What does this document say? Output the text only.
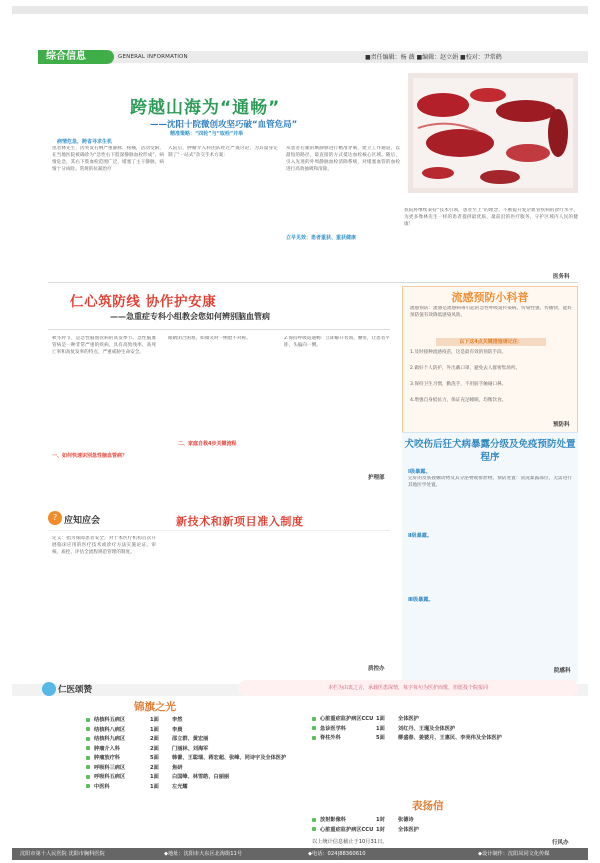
综合信息	GENERAL INFORMATION	■责任编辑：杨 薇 ■编辑：赵立娟 ■校对：尹常鹤
跨越山海为“通畅”
——沈阳十院微创攻坚巧破“血管危局”
病情危急，跨省寻求生机
患者林先生，因突发右侧严重静脉、疼痛，活动受限，在当地医院被确诊为“急性右下肢深静脉血栓形成”，病情危急，其右下肢血栓范围广泛，堵塞了主干静脉，病情十分凶险。常规的抗凝治疗
精准策略：“四轮”与“取栓”并举
入院后，肿瘤介入科团队经过严谨讨论，为其量身定制了“一站式”杂交手术方案：
从患者右腿的顺静脉进行精准穿刺，建立工作通道，以最短的路径，最直接的方式抵达血栓核心区域。随后，引入先进的外周静脉血栓清除系统，对堵塞血管的血栓进行高效抽吸和清除。
立早见效：患者重获、重获健康
我院将继续秉持“技术引领，患者至上”的理念，不断提升复杂血管疾病的诊疗水平，为更多像林先生一样的患者提供最优质、最前沿的医疗服务，守护区域内人民的健康！
医务科
仁心筑防线 协作护安康
——急重症专科小组教会您如何辨别脑血管病
秋冬时节，是急性脑血管病的高发季节。急性脑血管病是一种非常严重的疾病，具有高致残率、高死亡率和高复发率的特点，严重威胁生命安全。
一、如何快速识别急性脑血管病？
眼睛闭合困难、如微笑时一侧脸不对称。
二、家庭自救4步关键流程
2.保持呼吸道通畅：立即解开衣领、腰带，让患者平卧，头偏向一侧。
护理部
流感预防小科普
流感预防：流感是流感病毒引起的急性呼吸道传染病。传染性强，传播快，能好预防值有效降低感染风险。
以下这4点关键措施请记住：
1.及时接种流感疫苗，这是最有效的预防手段。
2.做好个人防护，外出戴口罩，避免去人群密集场所。
3.保持卫生习惯，勤洗手，不用脏手触碰口鼻。
4.增强自身抵抗力，保证充足睡眠，均衡饮食。
预防科
犬咬伤后狂犬病暴露分级及免疫预防处置程序
Ⅰ级暴露。
完好的皮肤接触动物及其分泌物或排泄物。预防处置：清洗暴露部位，无需进行其他医学处置。
Ⅱ级暴露。
Ⅲ级暴露。
院感科
? 应知应会	新技术和新项目准入制度
定义：指为保障患者安全，对于本医疗机构首次开展临床应用的医疗技术或诊疗方法实施论证、审核、质控、评估全流程规范管理的制度。
质控办
仁医颂赞	本栏为由衷之言，承载医患深情，每字每句为医护而歌，但愿投个院报同
锦旗之光
结核科五病区	1面	李然
结核科八病区	1面	李晨
结核科九病区	2面	邵立群、黄宏丽
肿瘤介入科	2面	门丽林、刘海军
肿瘤放疗科	5面	韩蕾、王聪瑞、蒋宏超、张峰、同诗宇及全体医护
呼吸科三病区	2面	焦研
呼吸科五病区	1面	白国峰、林雪皓、白丽丽
中医科	1面	左光耀
心脏重症监护病区CCU 1面	全体医护
急诊医学科	1面	刘红丹、王瑾及全体医护
脊柱外科	5面	柳盛春、姜婆月、王惠民、李亮伟及全体医护
表扬信
放射影像科	1封	张德诗
心脏重症监护病区CCU 1封	全体医护
以上统计信息截止于10月31日。	行风办
沈阳市第十人民医院 沈阳市胸科医院	◆地址：沈阳市大东区北海街11号	◆电话：024|88360610	◆设计制作：沈阳凤同文化传媒
